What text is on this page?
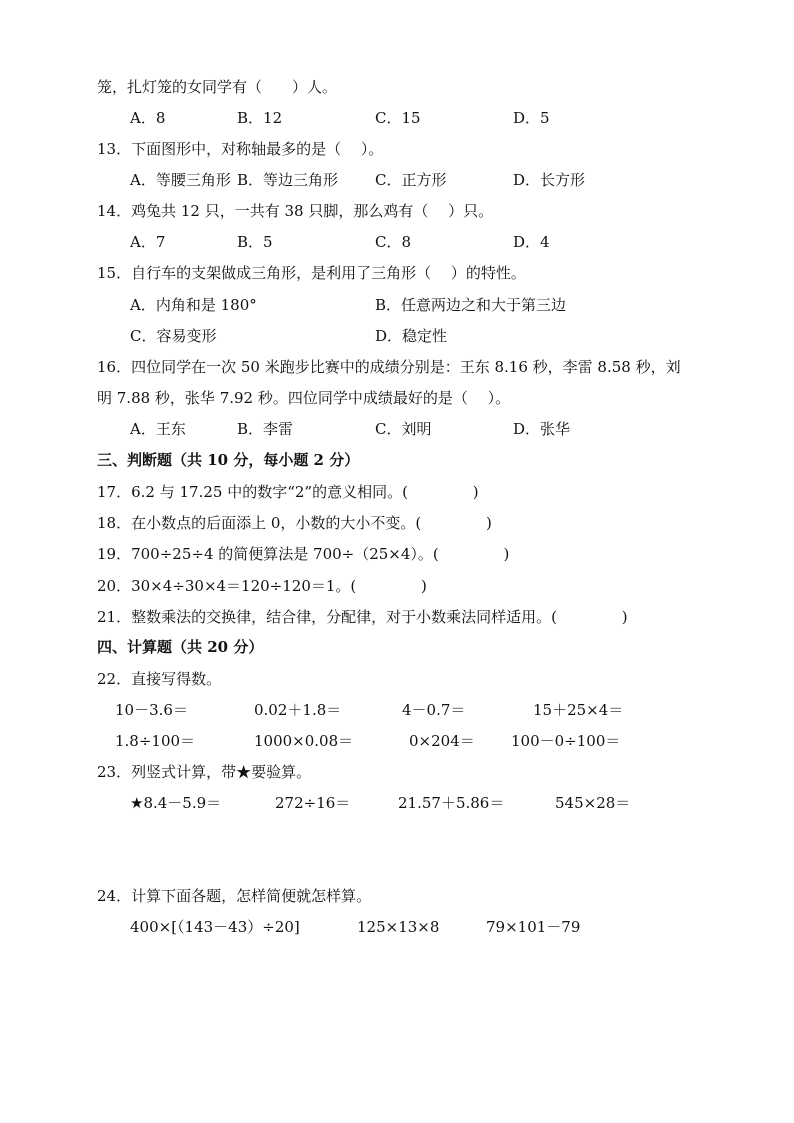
笼，扎灯笼的女同学有（　　）人。
A．8	B．12	C．15	D．5
13．下面图形中，对称轴最多的是（　 ）。
A．等腰三角形 B．等边三角形 C．正方形	D．长方形
14．鸡兔共 12 只，一共有 38 只脚，那么鸡有（　 ）只。
A．7	B．5	C．8	D．4
15．自行车的支架做成三角形，是利用了三角形（　 ）的特性。
A．内角和是 180°	B．任意两边之和大于第三边
C．容易变形	D．稳定性
16．四位同学在一次 50 米跑步比赛中的成绩分别是：王东 8.16 秒，李雷 8.58 秒，刘
明 7.88 秒，张华 7.92 秒。四位同学中成绩最好的是（　 ）。
A．王东	B．李雷	C．刘明	D．张华
三、判断题（共 10 分，每小题 2 分）
17．6.2 与 17.25 中的数字“2”的意义相同。(　　　　 )
18．在小数点的后面添上 0，小数的大小不变。(　　　　 )
19．700÷25÷4 的简便算法是 700÷（25×4）。(　　　　 )
20．30×4÷30×4＝120÷120＝1。(　　　　 )
21．整数乘法的交换律，结合律，分配律，对于小数乘法同样适用。(　　　　 )
四、计算题（共 20 分）
22．直接写得数。
10－3.6＝	0.02＋1.8＝	4－0.7＝	15＋25×4＝
1.8÷100＝	1000×0.08＝	0×204＝ 100－0÷100＝
23．列竖式计算，带★要验算。
★8.4－5.9＝	272÷16＝	21.57＋5.86＝	545×28＝
24．计算下面各题，怎样简便就怎样算。
400×[（143－43）÷20]	125×13×8	79×101－79
